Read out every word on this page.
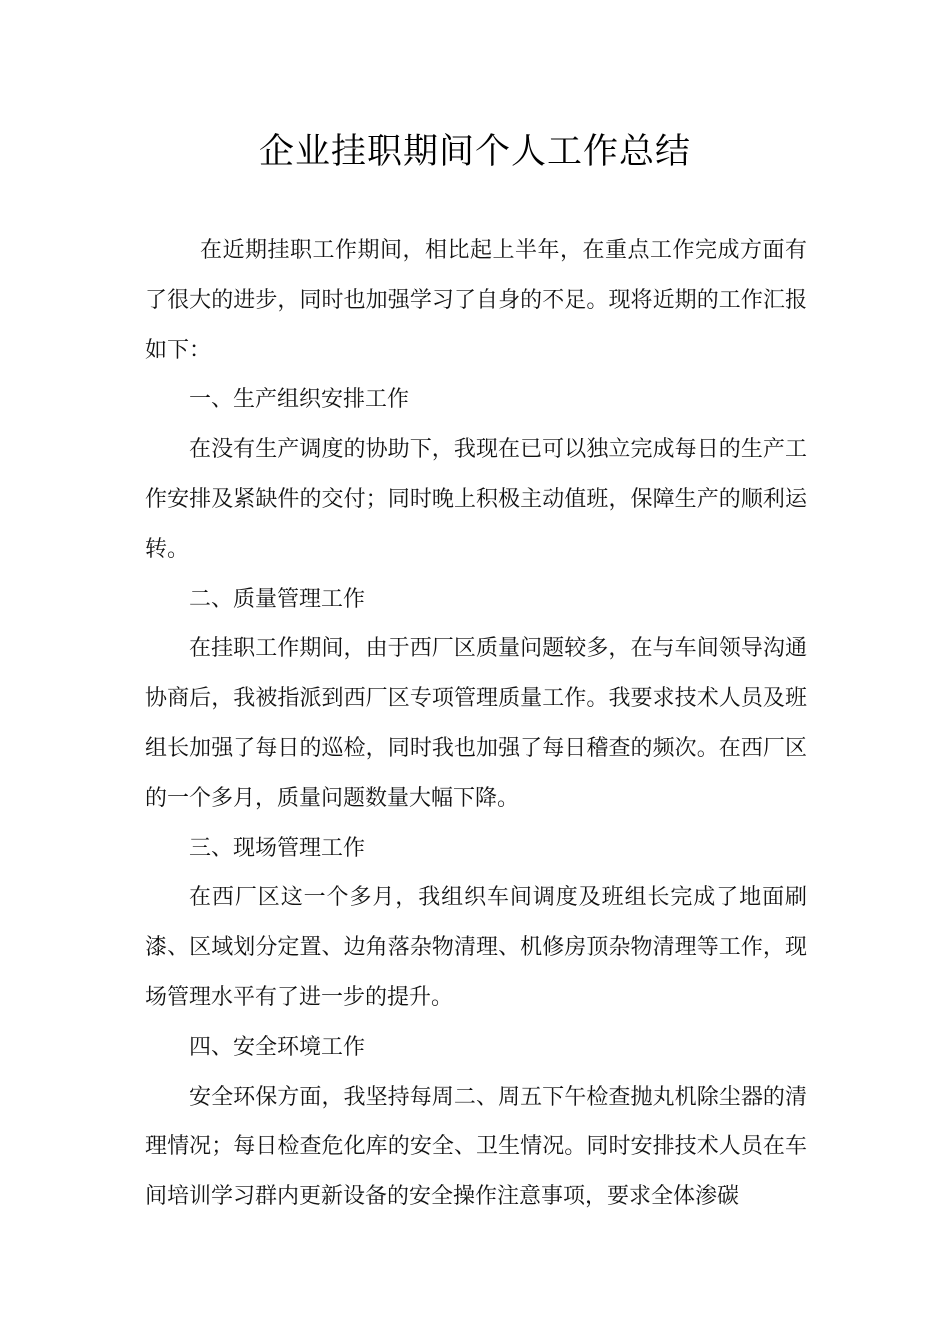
企业挂职期间个人工作总结

在近期挂职工作期间，相比起上半年，在重点工作完成方面有了很大的进步，同时也加强学习了自身的不足。现将近期的工作汇报如下：

一、生产组织安排工作

在没有生产调度的协助下，我现在已可以独立完成每日的生产工作安排及紧缺件的交付；同时晚上积极主动值班，保障生产的顺利运转。

二、质量管理工作

在挂职工作期间，由于西厂区质量问题较多，在与车间领导沟通协商后，我被指派到西厂区专项管理质量工作。我要求技术人员及班组长加强了每日的巡检，同时我也加强了每日稽查的频次。在西厂区的一个多月，质量问题数量大幅下降。

三、现场管理工作

在西厂区这一个多月，我组织车间调度及班组长完成了地面刷漆、区域划分定置、边角落杂物清理、机修房顶杂物清理等工作，现场管理水平有了进一步的提升。

四、安全环境工作

安全环保方面，我坚持每周二、周五下午检查抛丸机除尘器的清理情况；每日检查危化库的安全、卫生情况。同时安排技术人员在车间培训学习群内更新设备的安全操作注意事项，要求全体渗碳
